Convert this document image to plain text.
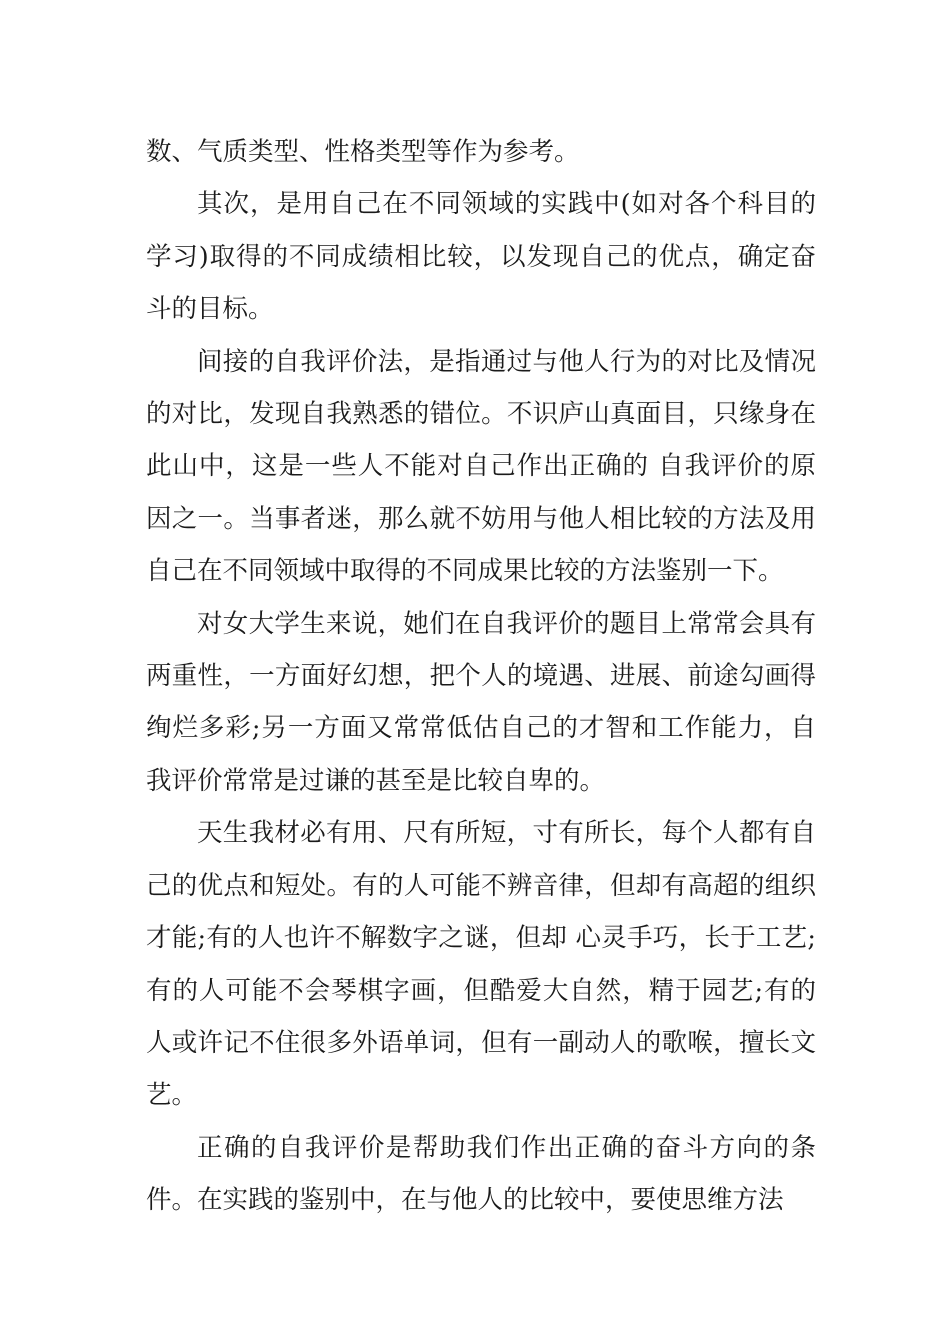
数、气质类型、性格类型等作为参考。

其次，是用自己在不同领域的实践中(如对各个科目的学习)取得的不同成绩相比较，以发现自己的优点，确定奋斗的目标。

间接的自我评价法，是指通过与他人行为的对比及情况的对比，发现自我熟悉的错位。不识庐山真面目，只缘身在此山中，这是一些人不能对自己作出正确的 自我评价的原因之一。当事者迷，那么就不妨用与他人相比较的方法及用自己在不同领域中取得的不同成果比较的方法鉴别一下。

对女大学生来说，她们在自我评价的题目上常常会具有两重性，一方面好幻想，把个人的境遇、进展、前途勾画得绚烂多彩;另一方面又常常低估自己的才智和工作能力，自我评价常常是过谦的甚至是比较自卑的。

天生我材必有用、尺有所短，寸有所长，每个人都有自己的优点和短处。有的人可能不辨音律，但却有高超的组织才能;有的人也许不解数字之谜，但却 心灵手巧，长于工艺;有的人可能不会琴棋字画，但酷爱大自然，精于园艺;有的人或许记不住很多外语单词，但有一副动人的歌喉，擅长文艺。

正确的自我评价是帮助我们作出正确的奋斗方向的条件。在实践的鉴别中，在与他人的比较中，要使思维方法
